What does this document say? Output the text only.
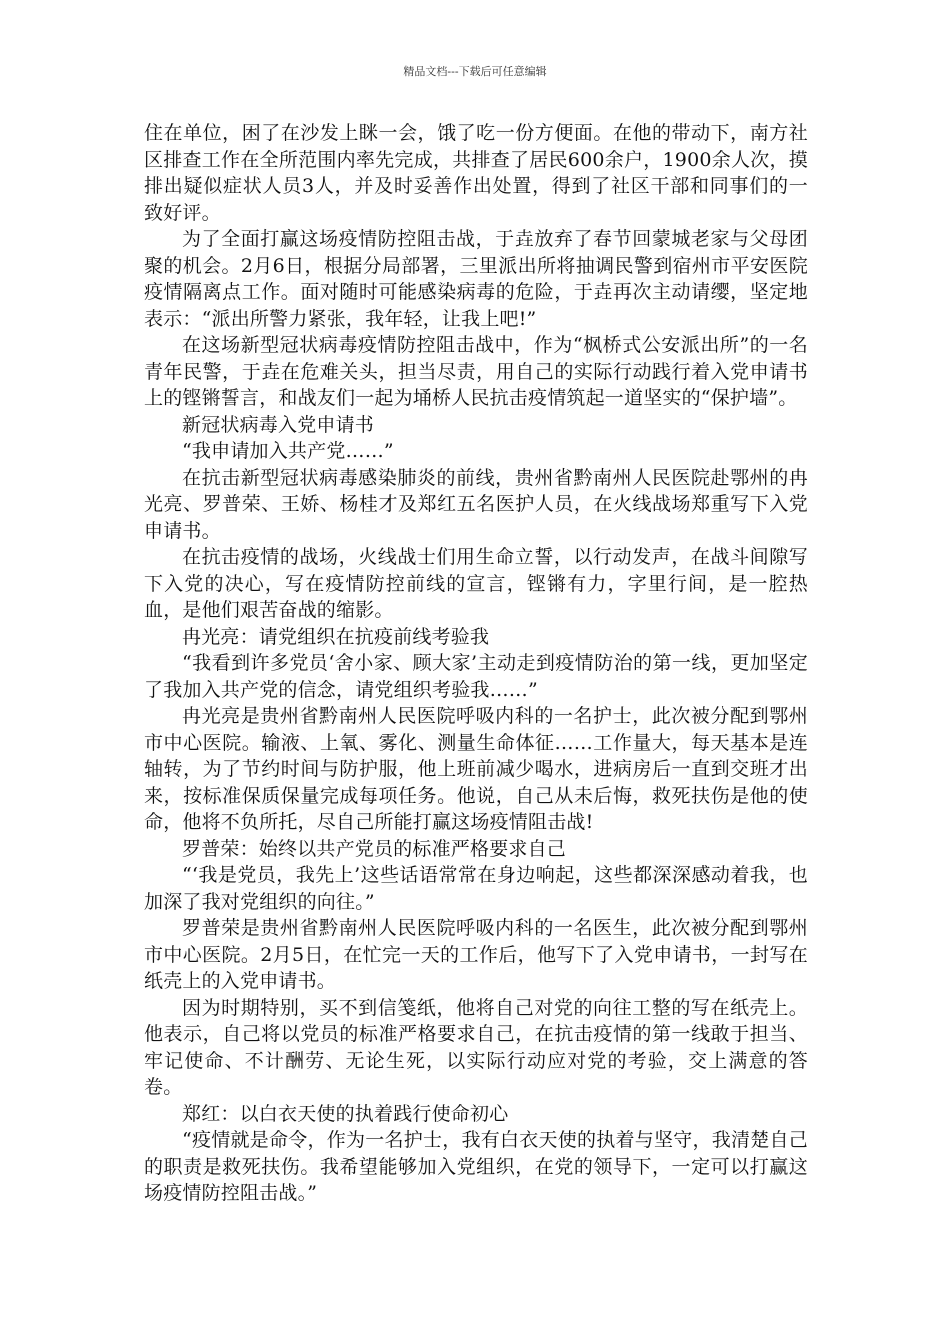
精品文档---下载后可任意编辑

住在单位，困了在沙发上眯一会，饿了吃一份方便面。在他的带动下，南方社区排查工作在全所范围内率先完成，共排查了居民600余户，1900余人次，摸排出疑似症状人员3人，并及时妥善作出处置，得到了社区干部和同事们的一致好评。

为了全面打赢这场疫情防控阻击战，于垚放弃了春节回蒙城老家与父母团聚的机会。2月6日，根据分局部署，三里派出所将抽调民警到宿州市平安医院疫情隔离点工作。面对随时可能感染病毒的危险，于垚再次主动请缨，坚定地表示：“派出所警力紧张，我年轻，让我上吧!”

在这场新型冠状病毒疫情防控阻击战中，作为“枫桥式公安派出所”的一名青年民警，于垚在危难关头，担当尽责，用自己的实际行动践行着入党申请书上的铿锵誓言，和战友们一起为埇桥人民抗击疫情筑起一道坚实的“保护墙”。

新冠状病毒入党申请书

“我申请加入共产党……”

在抗击新型冠状病毒感染肺炎的前线，贵州省黔南州人民医院赴鄂州的冉光亮、罗普荣、王娇、杨桂才及郑红五名医护人员，在火线战场郑重写下入党申请书。

在抗击疫情的战场，火线战士们用生命立誓，以行动发声，在战斗间隙写下入党的决心，写在疫情防控前线的宣言，铿锵有力，字里行间，是一腔热血，是他们艰苦奋战的缩影。

冉光亮：请党组织在抗疫前线考验我

“我看到许多党员‘舍小家、顾大家’主动走到疫情防治的第一线，更加坚定了我加入共产党的信念，请党组织考验我……”

冉光亮是贵州省黔南州人民医院呼吸内科的一名护士，此次被分配到鄂州市中心医院。输液、上氧、雾化、测量生命体征……工作量大，每天基本是连轴转，为了节约时间与防护服，他上班前减少喝水，进病房后一直到交班才出来，按标准保质保量完成每项任务。他说，自己从未后悔，救死扶伤是他的使命，他将不负所托，尽自己所能打赢这场疫情阻击战!

罗普荣：始终以共产党员的标准严格要求自己

“‘我是党员，我先上’这些话语常常在身边响起，这些都深深感动着我，也加深了我对党组织的向往。”

罗普荣是贵州省黔南州人民医院呼吸内科的一名医生，此次被分配到鄂州市中心医院。2月5日，在忙完一天的工作后，他写下了入党申请书，一封写在纸壳上的入党申请书。

因为时期特别，买不到信笺纸，他将自己对党的向往工整的写在纸壳上。他表示，自己将以党员的标准严格要求自己，在抗击疫情的第一线敢于担当、牢记使命、不计酬劳、无论生死，以实际行动应对党的考验，交上满意的答卷。

郑红：以白衣天使的执着践行使命初心

“疫情就是命令，作为一名护士，我有白衣天使的执着与坚守，我清楚自己的职责是救死扶伤。我希望能够加入党组织，在党的领导下，一定可以打赢这场疫情防控阻击战。”
